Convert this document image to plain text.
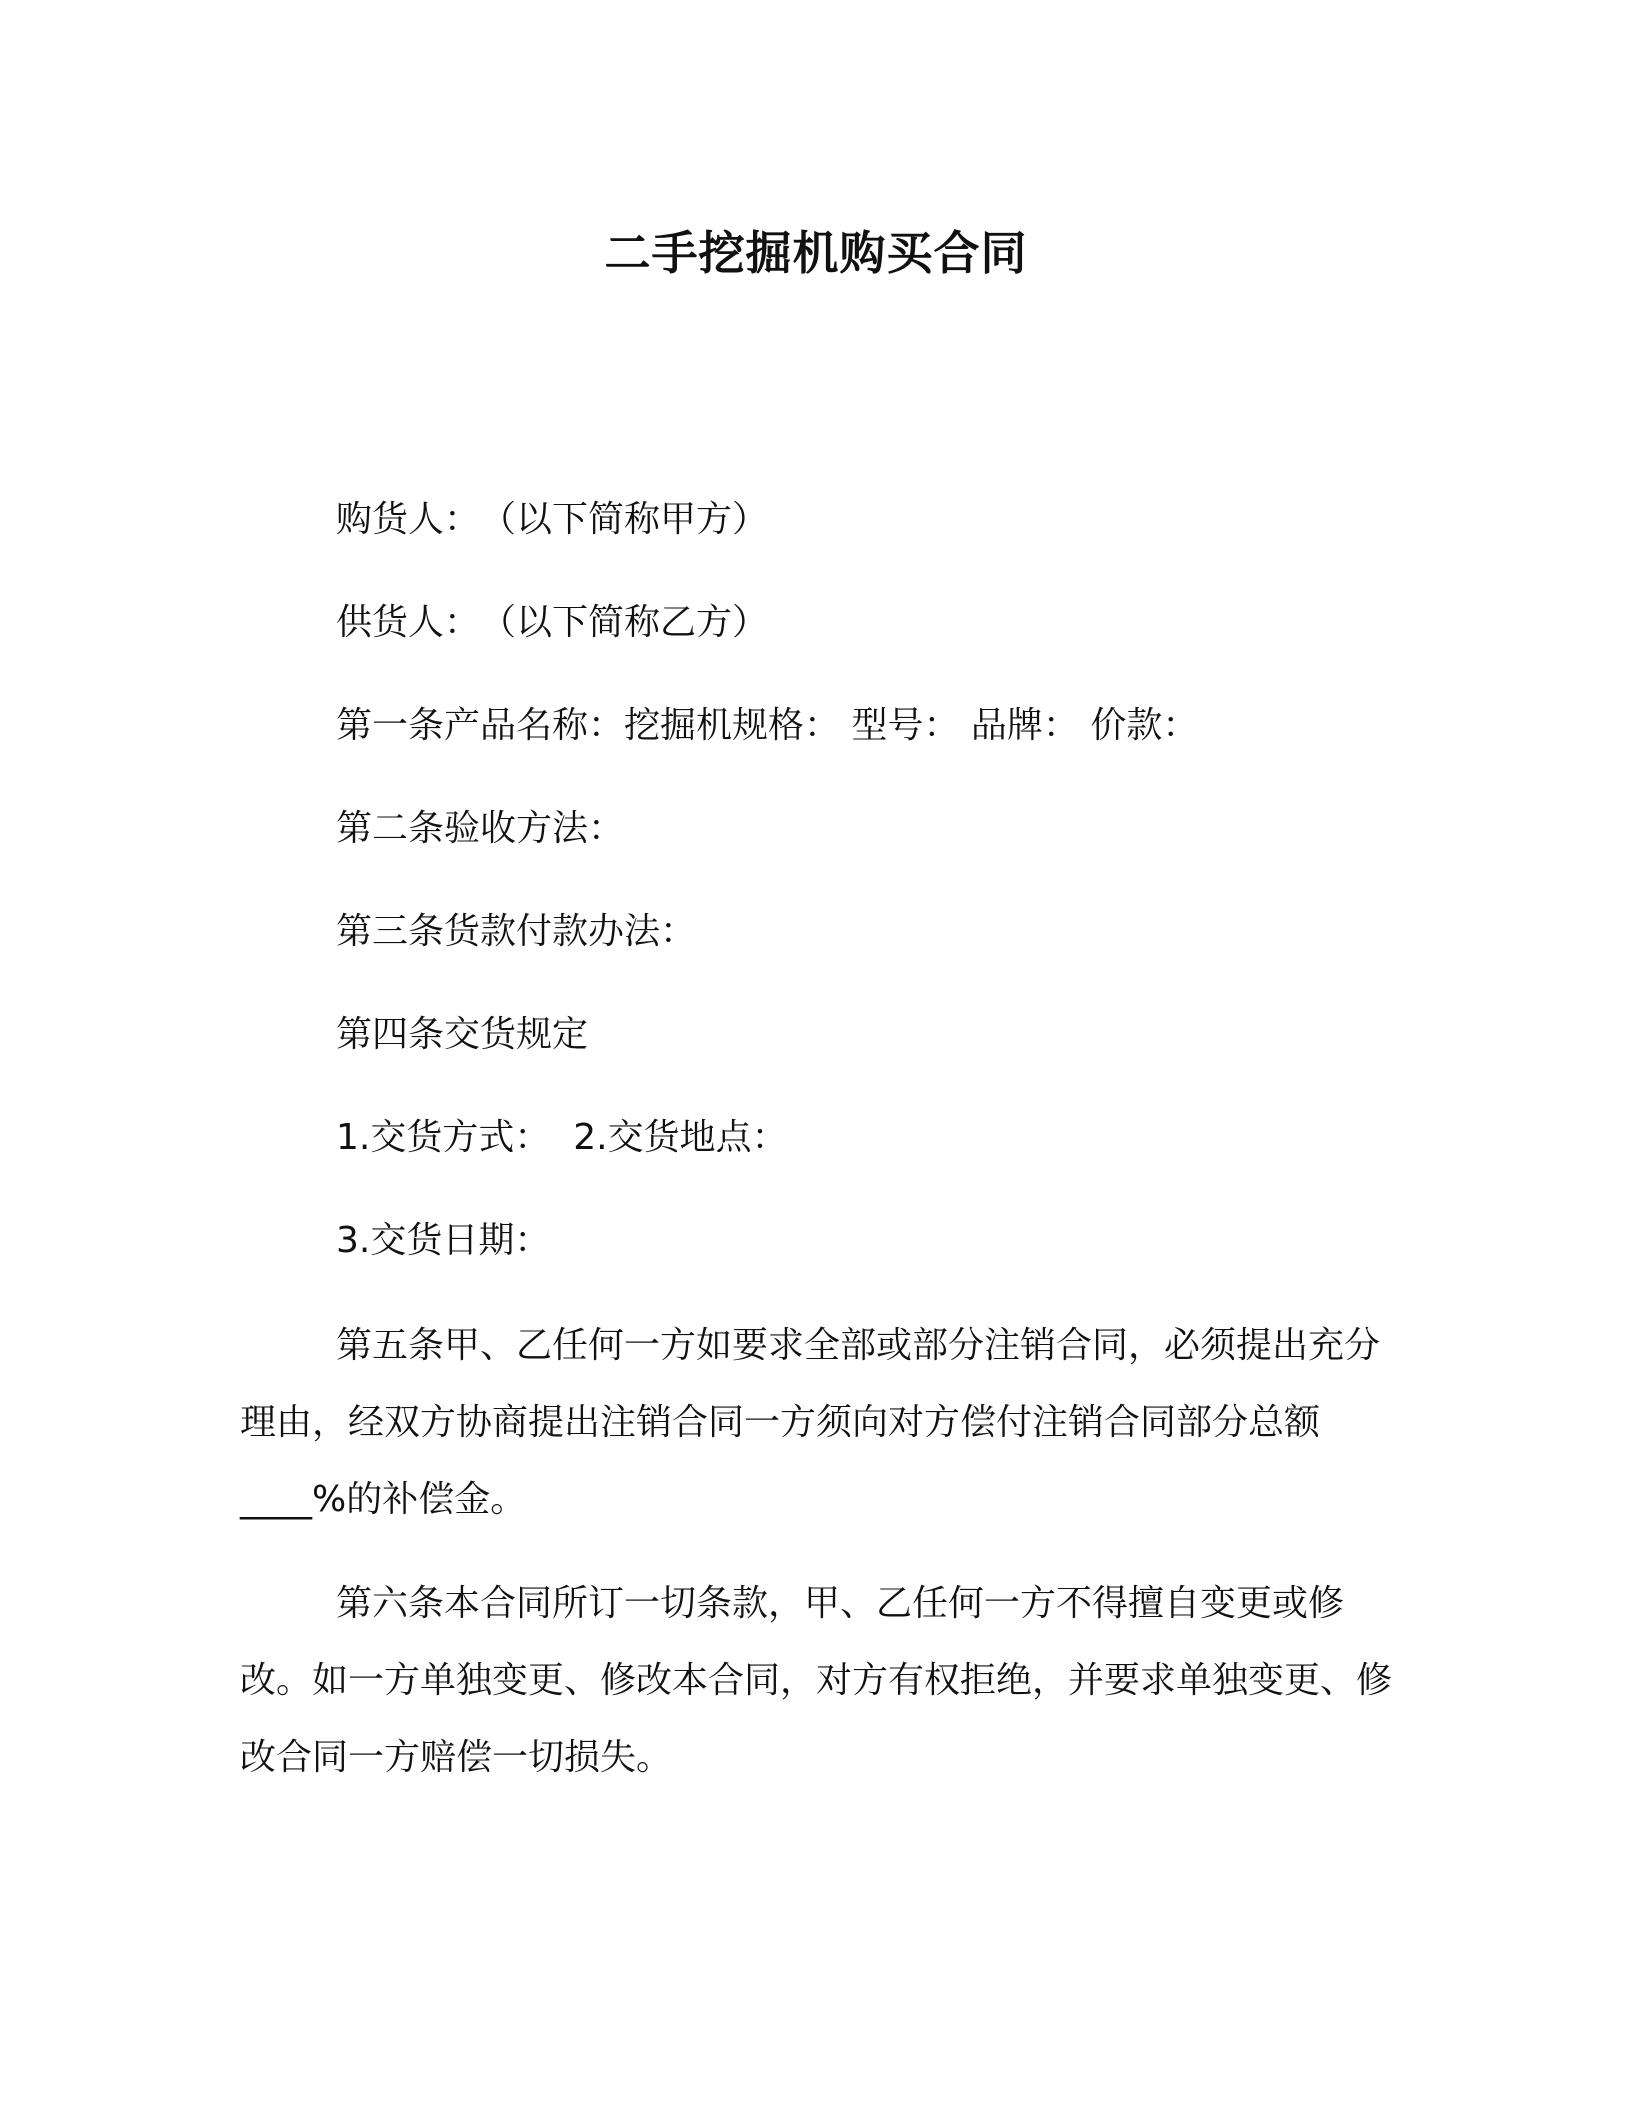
二手挖掘机购买合同
购货人：　（以下简称甲方）
供货人：　（以下简称乙方）
第一条产品名称：挖掘机规格： 型号： 品牌： 价款：
第二条验收方法：
第三条货款付款办法：
第四条交货规定
1.交货方式：  2.交货地点：
3.交货日期：
第五条甲、乙任何一方如要求全部或部分注销合同，必须提出充分理由，经双方协商提出注销合同一方须向对方偿付注销合同部分总额____%的补偿金。
第六条本合同所订一切条款，甲、乙任何一方不得擅自变更或修改。如一方单独变更、修改本合同，对方有权拒绝，并要求单独变更、修改合同一方赔偿一切损失。
